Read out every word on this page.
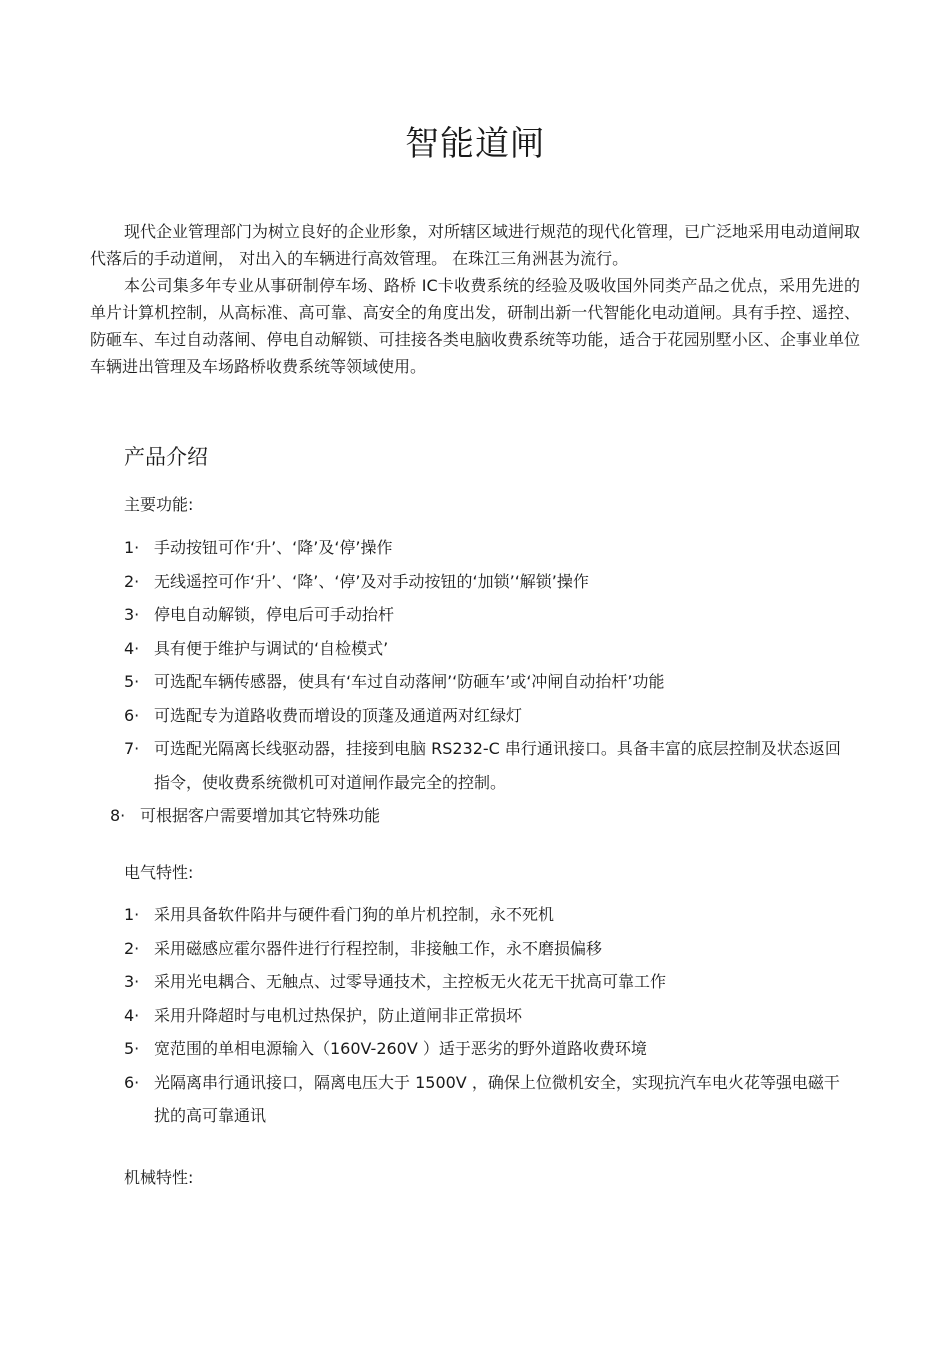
智能道闸

现代企业管理部门为树立良好的企业形象，对所辖区域进行规范的现代化管理，已广泛地采用电动道闸取代落后的手动道闸， 对出入的车辆进行高效管理。 在珠江三角洲甚为流行。

本公司集多年专业从事研制停车场、路桥 IC卡收费系统的经验及吸收国外同类产品之优点，采用先进的单片计算机控制，从高标准、高可靠、高安全的角度出发，研制出新一代智能化电动道闸。具有手控、遥控、防砸车、车过自动落闸、停电自动解锁、可挂接各类电脑收费系统等功能，适合于花园别墅小区、企事业单位车辆进出管理及车场路桥收费系统等领域使用。

产品介绍
主要功能:
1· 手动按钮可作‘升’、‘降’及‘停’操作
2· 无线遥控可作‘升’、‘降’、‘停’及对手动按钮的‘加锁’‘解锁’操作
3· 停电自动解锁，停电后可手动抬杆
4· 具有便于维护与调试的‘自检模式’
5· 可选配车辆传感器，使具有‘车过自动落闸’‘防砸车’或‘冲闸自动抬杆’功能
6· 可选配专为道路收费而增设的顶蓬及通道两对红绿灯
7· 可选配光隔离长线驱动器，挂接到电脑 RS232-C 串行通讯接口。具备丰富的底层控制及状态返回指令，使收费系统微机可对道闸作最完全的控制。
8· 可根据客户需要增加其它特殊功能
电气特性:
1· 采用具备软件陷井与硬件看门狗的单片机控制，永不死机
2· 采用磁感应霍尔器件进行行程控制，非接触工作，永不磨损偏移
3· 采用光电耦合、无触点、过零导通技术，主控板无火花无干扰高可靠工作
4· 采用升降超时与电机过热保护，防止道闸非正常损坏
5· 宽范围的单相电源输入（160V-260V ）适于恶劣的野外道路收费环境
6· 光隔离串行通讯接口，隔离电压大于 1500V ，确保上位微机安全，实现抗汽车电火花等强电磁干扰的高可靠通讯
机械特性:
